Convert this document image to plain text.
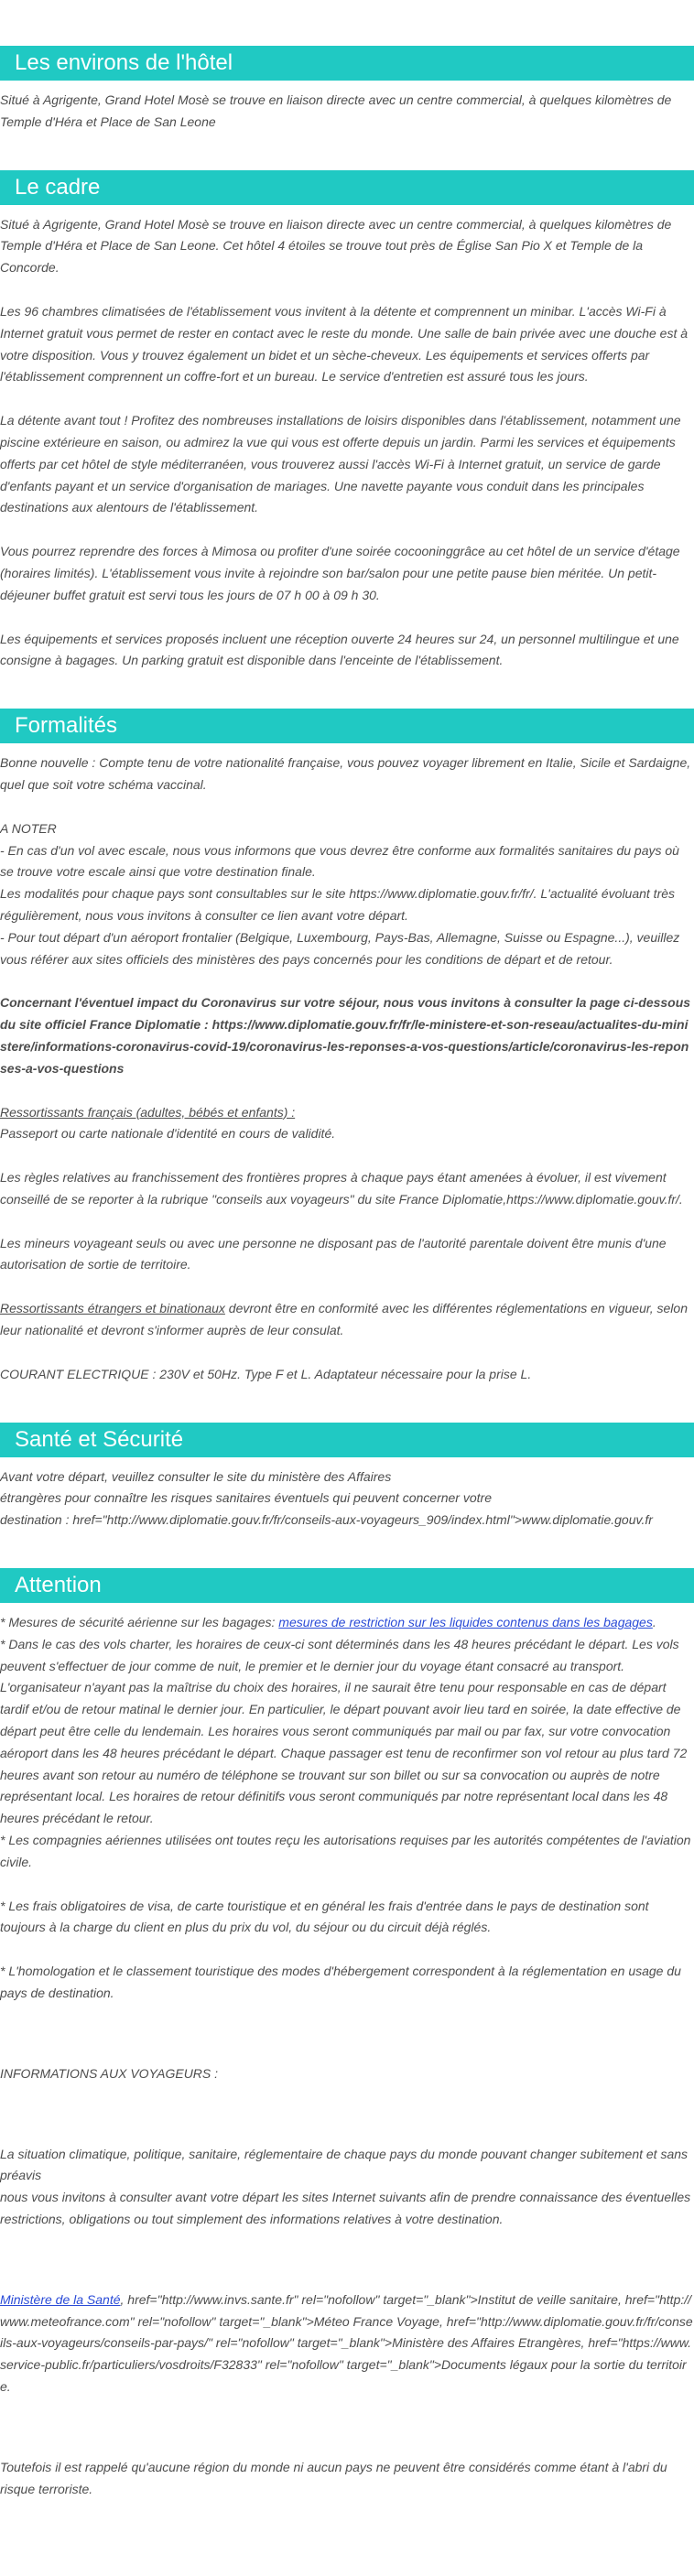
Les environs de l'hôtel

Situé à Agrigente, Grand Hotel Mosè se trouve en liaison directe avec un centre commercial, à quelques kilomètres de Temple d'Héra et Place de San Leone

Le cadre

Situé à Agrigente, Grand Hotel Mosè se trouve en liaison directe avec un centre commercial, à quelques kilomètres de Temple d'Héra et Place de San Leone. Cet hôtel 4 étoiles se trouve tout près de Église San Pio X et Temple de la Concorde.

Les 96 chambres climatisées de l'établissement vous invitent à la détente et comprennent un minibar. L'accès Wi-Fi à Internet gratuit vous permet de rester en contact avec le reste du monde. Une salle de bain privée avec une douche est à votre disposition. Vous y trouvez également un bidet et un sèche-cheveux. Les équipements et services offerts par l'établissement comprennent un coffre-fort et un bureau. Le service d'entretien est assuré tous les jours.

La détente avant tout ! Profitez des nombreuses installations de loisirs disponibles dans l'établissement, notamment une piscine extérieure en saison, ou admirez la vue qui vous est offerte depuis un jardin. Parmi les services et équipements offerts par cet hôtel de style méditerranéen, vous trouverez aussi l'accès Wi-Fi à Internet gratuit, un service de garde d'enfants payant et un service d'organisation de mariages. Une navette payante vous conduit dans les principales destinations aux alentours de l'établissement.

Vous pourrez reprendre des forces à Mimosa ou profiter d'une soirée cocooninggrâce au cet hôtel de un service d'étage (horaires limités). L'établissement vous invite à rejoindre son bar/salon pour une petite pause bien méritée. Un petit-déjeuner buffet gratuit est servi tous les jours de 07 h 00 à 09 h 30.

Les équipements et services proposés incluent une réception ouverte 24 heures sur 24, un personnel multilingue et une consigne à bagages. Un parking gratuit est disponible dans l'enceinte de l'établissement.

Formalités

Bonne nouvelle : Compte tenu de votre nationalité française, vous pouvez voyager librement en Italie, Sicile et Sardaigne, quel que soit votre schéma vaccinal.

A NOTER
- En cas d'un vol avec escale, nous vous informons que vous devrez être conforme aux formalités sanitaires du pays où se trouve votre escale ainsi que votre destination finale.
Les modalités pour chaque pays sont consultables sur le site https://www.diplomatie.gouv.fr/fr/. L'actualité évoluant très régulièrement, nous vous invitons à consulter ce lien avant votre départ.
- Pour tout départ d'un aéroport frontalier (Belgique, Luxembourg, Pays-Bas, Allemagne, Suisse ou Espagne...), veuillez vous référer aux sites officiels des ministères des pays concernés pour les conditions de départ et de retour.

Concernant l'éventuel impact du Coronavirus sur votre séjour, nous vous invitons à consulter la page ci-dessous du site officiel France Diplomatie : https://www.diplomatie.gouv.fr/fr/le-ministere-et-son-reseau/actualites-du-ministere/informations-coronavirus-covid-19/coronavirus-les-reponses-a-vos-questions/article/coronavirus-les-reponses-a-vos-questions

Ressortissants français (adultes, bébés et enfants) :
Passeport ou carte nationale d'identité en cours de validité.

Les règles relatives au franchissement des frontières propres à chaque pays étant amenées à évoluer, il est vivement conseillé de se reporter à la rubrique "conseils aux voyageurs" du site France Diplomatie,https://www.diplomatie.gouv.fr/.

Les mineurs voyageant seuls ou avec une personne ne disposant pas de l'autorité parentale doivent être munis d'une autorisation de sortie de territoire.

Ressortissants étrangers et binationaux devront être en conformité avec les différentes réglementations en vigueur, selon leur nationalité et devront s'informer auprès de leur consulat.

COURANT ELECTRIQUE : 230V et 50Hz. Type F et L. Adaptateur nécessaire pour la prise L.

Santé et Sécurité

Avant votre départ, veuillez consulter le site du ministère des Affaires
étrangères pour connaître les risques sanitaires éventuels qui peuvent concerner votre
destination : href="http://www.diplomatie.gouv.fr/fr/conseils-aux-voyageurs_909/index.html">www.diplomatie.gouv.fr

Attention

* Mesures de sécurité aérienne sur les bagages: mesures de restriction sur les liquides contenus dans les bagages.
* Dans le cas des vols charter, les horaires de ceux-ci sont déterminés dans les 48 heures précédant le départ. Les vols peuvent s'effectuer de jour comme de nuit, le premier et le dernier jour du voyage étant consacré au transport. L'organisateur n'ayant pas la maîtrise du choix des horaires, il ne saurait être tenu pour responsable en cas de départ tardif et/ou de retour matinal le dernier jour. En particulier, le départ pouvant avoir lieu tard en soirée, la date effective de départ peut être celle du lendemain. Les horaires vous seront communiqués par mail ou par fax, sur votre convocation aéroport dans les 48 heures précédant le départ. Chaque passager est tenu de reconfirmer son vol retour au plus tard 72 heures avant son retour au numéro de téléphone se trouvant sur son billet ou sur sa convocation ou auprès de notre représentant local. Les horaires de retour définitifs vous seront communiqués par notre représentant local dans les 48 heures précédant le retour.
* Les compagnies aériennes utilisées ont toutes reçu les autorisations requises par les autorités compétentes de l'aviation civile.

* Les frais obligatoires de visa, de carte touristique et en général les frais d'entrée dans le pays de destination sont toujours à la charge du client en plus du prix du vol, du séjour ou du circuit déjà réglés.

* L'homologation et le classement touristique des modes d'hébergement correspondent à la réglementation en usage du pays de destination.

INFORMATIONS AUX VOYAGEURS :

La situation climatique, politique, sanitaire, réglementaire de chaque pays du monde pouvant changer subitement et sans préavis
nous vous invitons à consulter avant votre départ les sites Internet suivants afin de prendre connaissance des éventuelles restrictions, obligations ou tout simplement des informations relatives à votre destination.

Ministère de la Santé, href="http://www.invs.sante.fr" rel="nofollow" target="_blank">Institut de veille sanitaire, href="http://www.meteofrance.com" rel="nofollow" target="_blank">Méteo France Voyage, href="http://www.diplomatie.gouv.fr/fr/conseils-aux-voyageurs/conseils-par-pays/" rel="nofollow" target="_blank">Ministère des Affaires Etrangères, href="https://www.service-public.fr/particuliers/vosdroits/F32833" rel="nofollow" target="_blank">Documents légaux pour la sortie du territoire.

Toutefois il est rappelé qu'aucune région du monde ni aucun pays ne peuvent être considérés comme étant à l'abri du risque terroriste.
